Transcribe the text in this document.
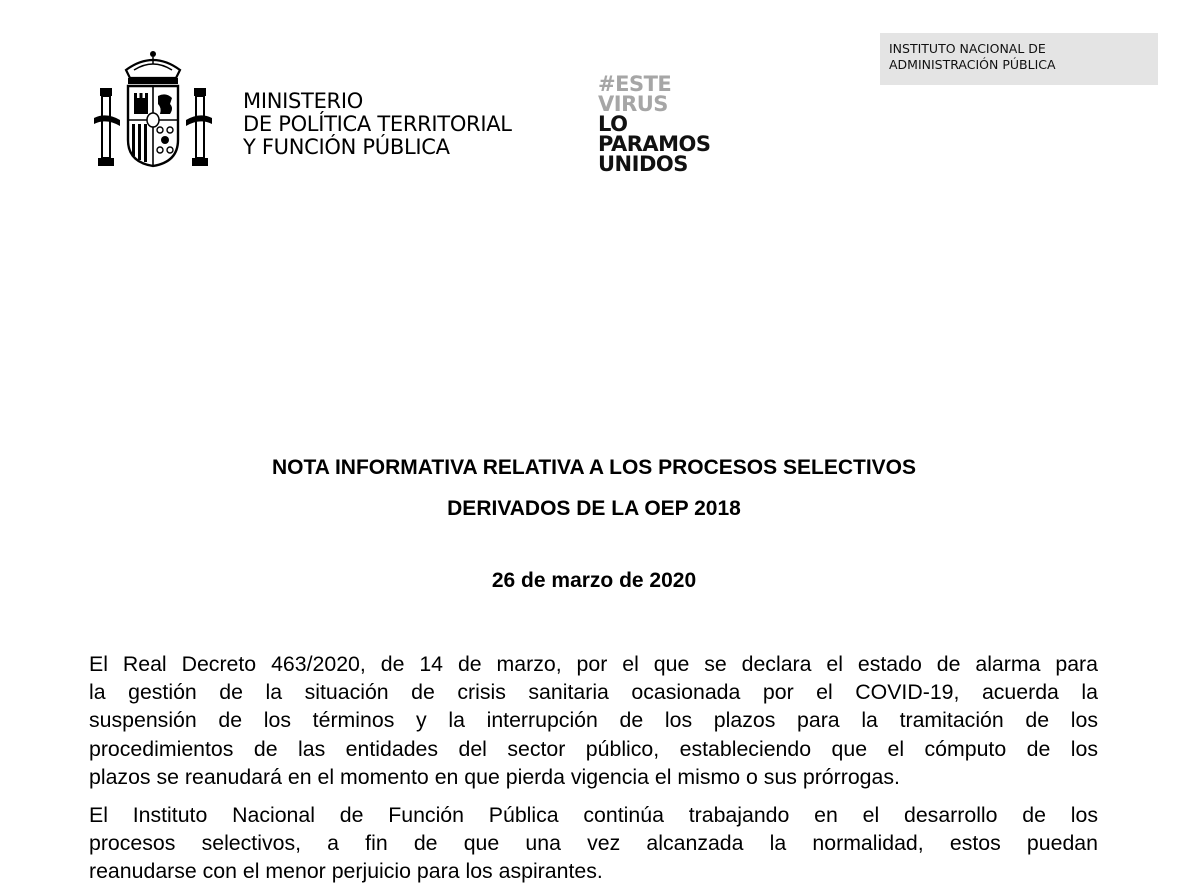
MINISTERIO
DE POLÍTICA TERRITORIAL
Y FUNCIÓN PÚBLICA
#ESTE
VIRUS
LO
PARAMOS
UNIDOS
INSTITUTO NACIONAL DE
ADMINISTRACIÓN PÚBLICA
NOTA INFORMATIVA RELATIVA A LOS PROCESOS SELECTIVOS
DERIVADOS DE LA OEP 2018
26 de marzo de 2020
El Real Decreto 463/2020, de 14 de marzo, por el que se declara el estado de alarma para
la gestión de la situación de crisis sanitaria ocasionada por el COVID-19, acuerda la
suspensión de los términos y la interrupción de los plazos para la tramitación de los
procedimientos de las entidades del sector público, estableciendo que el cómputo de los
plazos se reanudará en el momento en que pierda vigencia el mismo o sus prórrogas.
El Instituto Nacional de Función Pública continúa trabajando en el desarrollo de los
procesos selectivos, a fin de que una vez alcanzada la normalidad, estos puedan
reanudarse con el menor perjuicio para los aspirantes.
